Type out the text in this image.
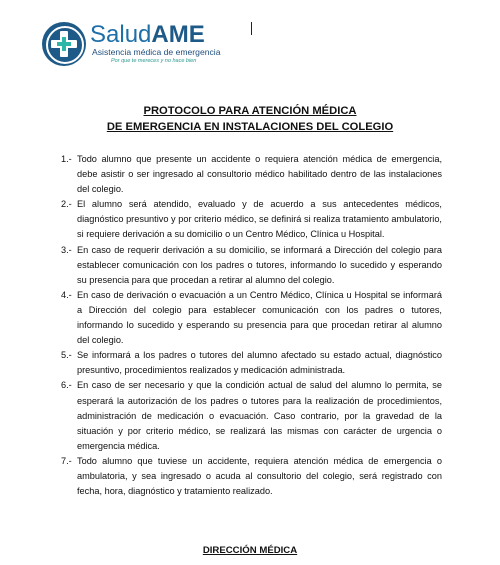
SaludAME
Asistencia médica de emergencia
Por que te mereces y no hace bien
PROTOCOLO PARA ATENCIÓN MÉDICA
DE EMERGENCIA EN INSTALACIONES DEL COLEGIO
1.- Todo alumno que presente un accidente o requiera atención médica de emergencia, debe asistir o ser ingresado al consultorio médico habilitado dentro de las instalaciones del colegio.
2.- El alumno será atendido, evaluado y de acuerdo a sus antecedentes médicos, diagnóstico presuntivo y por criterio médico, se definirá si realiza tratamiento ambulatorio, si requiere derivación a su domicilio o un Centro Médico, Clínica u Hospital.
3.- En caso de requerir derivación a su domicilio, se informará a Dirección del colegio para establecer comunicación con los padres o tutores, informando lo sucedido y esperando su presencia para que procedan a retirar al alumno del colegio.
4.- En caso de derivación o evacuación a un Centro Médico, Clínica u Hospital se informará a Dirección del colegio para establecer comunicación con los padres o tutores, informando lo sucedido y esperando su presencia para que procedan retirar al alumno del colegio.
5.- Se informará a los padres o tutores del alumno afectado su estado actual, diagnóstico presuntivo, procedimientos realizados y medicación administrada.
6.- En caso de ser necesario y que la condición actual de salud del alumno lo permita, se esperará la autorización de los padres o tutores para la realización de procedimientos, administración de medicación o evacuación. Caso contrario, por la gravedad de la situación y por criterio médico, se realizará las mismas con carácter de urgencia o emergencia médica.
7.- Todo alumno que tuviese un accidente, requiera atención médica de emergencia o ambulatoria, y sea ingresado o acuda al consultorio del colegio, será registrado con fecha, hora, diagnóstico y tratamiento realizado.
DIRECCIÓN MÉDICA
